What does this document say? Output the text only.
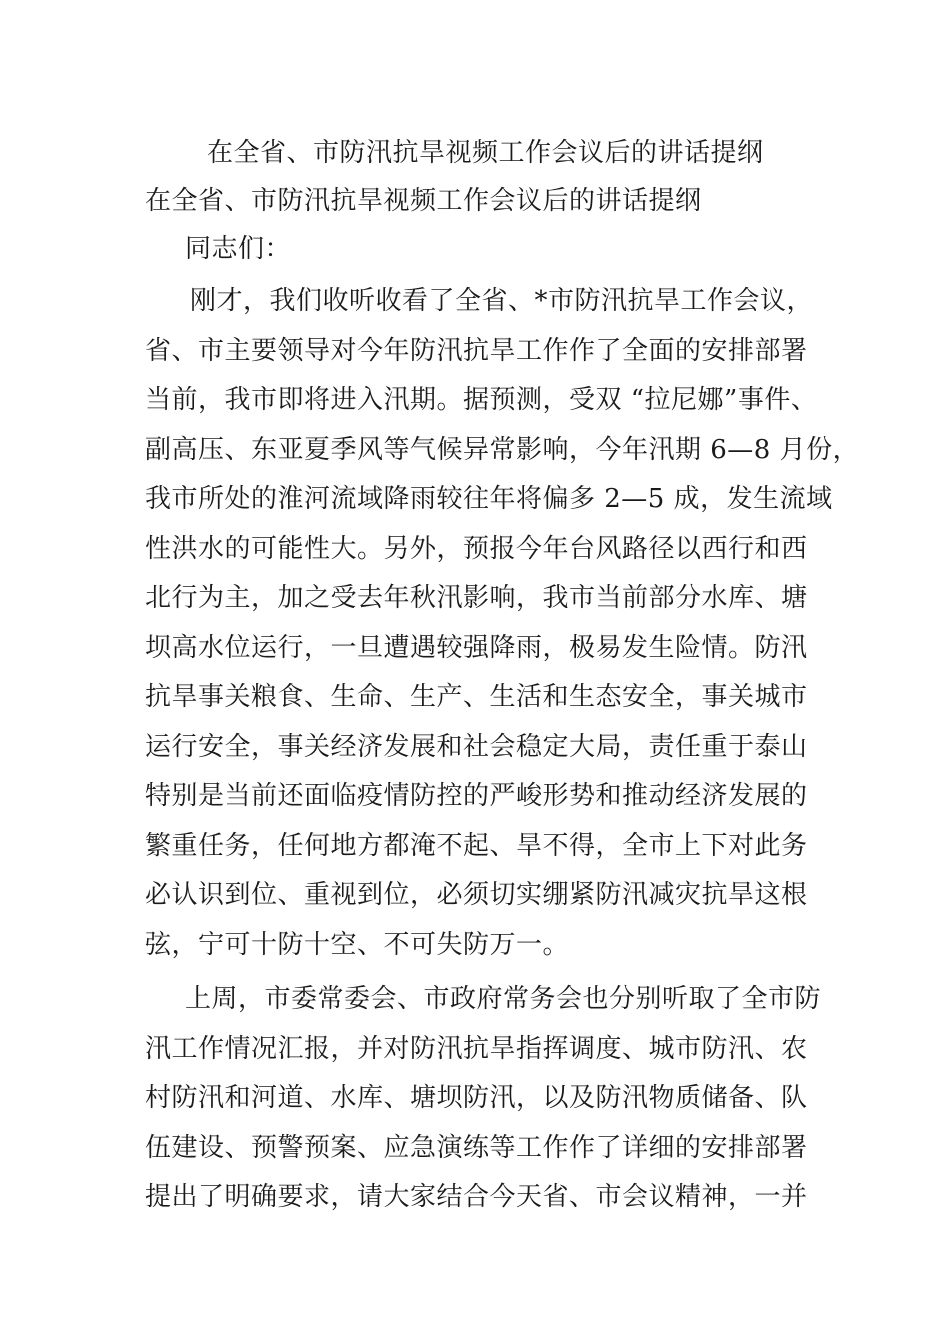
在全省、市防汛抗旱视频工作会议后的讲话提纲

在全省、市防汛抗旱视频工作会议后的讲话提纲

同志们：

刚才，我们收听收看了全省、*市防汛抗旱工作会议，

省、市主要领导对今年防汛抗旱工作作了全面的安排部署

当前，我市即将进入汛期。据预测，受双 “拉尼娜”事件、

副高压、东亚夏季风等气候异常影响，今年汛期 6—8 月份，

我市所处的淮河流域降雨较往年将偏多 2—5 成，发生流域

性洪水的可能性大。另外，预报今年台风路径以西行和西

北行为主，加之受去年秋汛影响，我市当前部分水库、塘

坝高水位运行，一旦遭遇较强降雨，极易发生险情。防汛

抗旱事关粮食、生命、生产、生活和生态安全，事关城市

运行安全，事关经济发展和社会稳定大局，责任重于泰山

特别是当前还面临疫情防控的严峻形势和推动经济发展的

繁重任务，任何地方都淹不起、旱不得，全市上下对此务

必认识到位、重视到位，必须切实绷紧防汛减灾抗旱这根

弦，宁可十防十空、不可失防万一。

上周，市委常委会、市政府常务会也分别听取了全市防

汛工作情况汇报，并对防汛抗旱指挥调度、城市防汛、农

村防汛和河道、水库、塘坝防汛，以及防汛物质储备、队

伍建设、预警预案、应急演练等工作作了详细的安排部署

提出了明确要求，请大家结合今天省、市会议精神，一并
